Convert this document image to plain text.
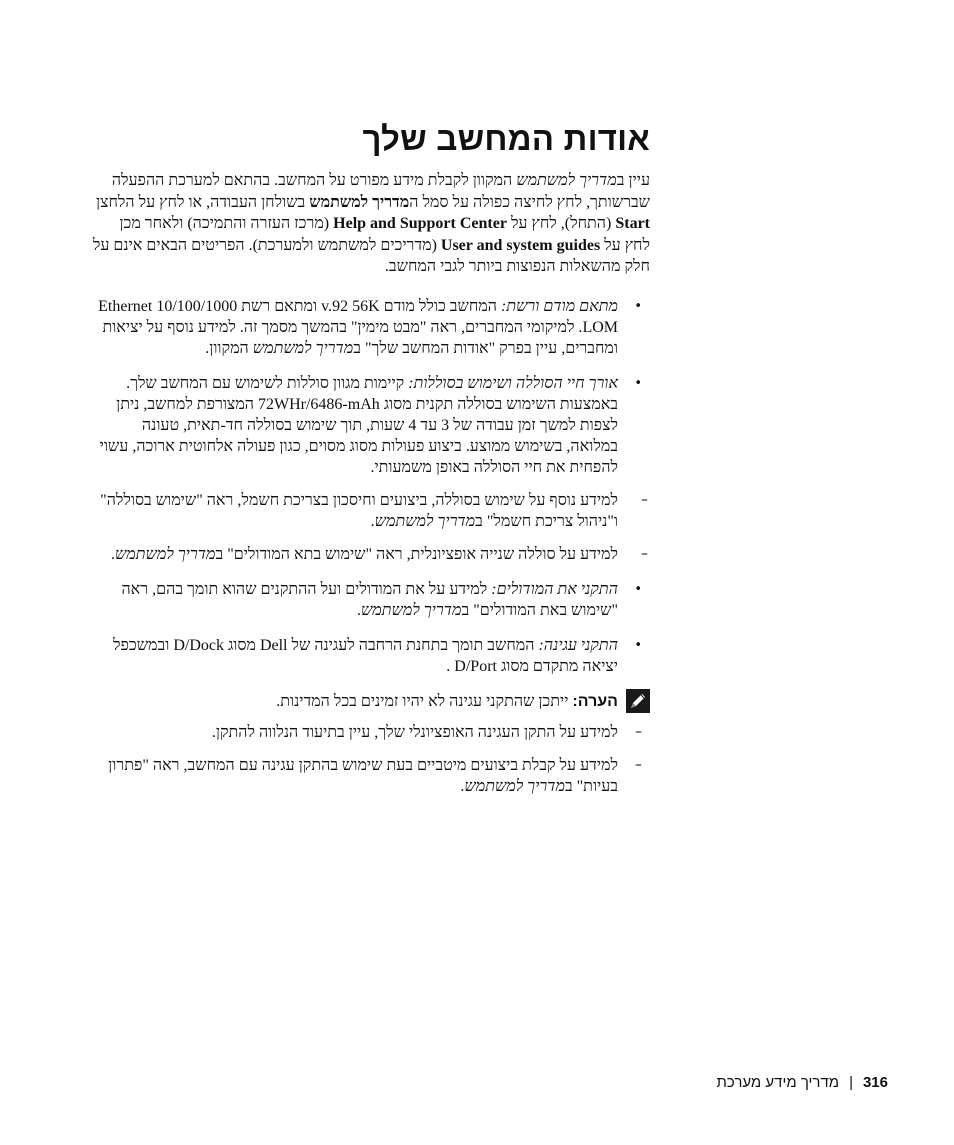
אודות המחשב שלך

עיין במדריך למשתמש המקוון לקבלת מידע מפורט על המחשב. בהתאם למערכת ההפעלה שברשותך, לחץ לחיצה כפולה על סמל המדריך למשתמש בשולחן העבודה, או לחץ על הלחצן Start (התחל), לחץ על Help and Support Center (מרכז העזרה והתמיכה) ולאחר מכן לחץ על User and system guides (מדריכים למשתמש ולמערכת). הפריטים הבאים אינם על חלק מהשאלות הנפוצות ביותר לגבי המחשב.

•
מתאם מודם ורשת: המחשב כולל מודם v.92 56K ומתאם רשת 10/100/1000 Ethernet LOM. למיקומי המחברים, ראה "מבט מימין" בהמשך מסמך זה. למידע נוסף על יציאות ומחברים, עיין בפרק "אודות המחשב שלך" במדריך למשתמש המקוון.
•
אורך חיי הסוללה ושימוש בסוללות: קיימות מגוון סוללות לשימוש עם המחשב שלך. באמצעות השימוש בסוללה תקנית מסוג 72WHr/6486-mAh המצורפת למחשב, ניתן לצפות למשך זמן עבודה של 3 עד 4 שעות, תוך שימוש בסוללה חד-תאית, טעונה במלואה, בשימוש ממוצע. ביצוע פעולות מסוג מסוים, כגון פעולה אלחוטית ארוכה, עשוי להפחית את חיי הסוללה באופן משמעותי.
–
למידע נוסף על שימוש בסוללה, ביצועים וחיסכון בצריכת חשמל, ראה "שימוש בסוללה" ו"ניהול צריכת חשמל" במדריך למשתמש.
–
למידע על סוללה שנייה אופציונלית, ראה "שימוש בתא המודולים" במדריך למשתמש.
•
התקני את המודולים: למידע על את המודולים ועל ההתקנים שהוא תומך בהם, ראה "שימוש באת המודולים" במדריך למשתמש.
•
התקני עגינה: המחשב תומך בתחנת הרחבה לעגינה של Dell מסוג D/Dock ובמשכפל יציאה מתקדם מסוג D/Port .
הערה: ייתכן שהתקני עגינה לא יהיו זמינים בכל המדינות.
–
למידע על התקן העגינה האופציונלי שלך, עיין בתיעוד הנלווה להתקן.
–
למידע על קבלת ביצועים מיטביים בעת שימוש בהתקן עגינה עם המחשב, ראה "פתרון בעיות" במדריך למשתמש.
316|מדריך מידע מערכת
